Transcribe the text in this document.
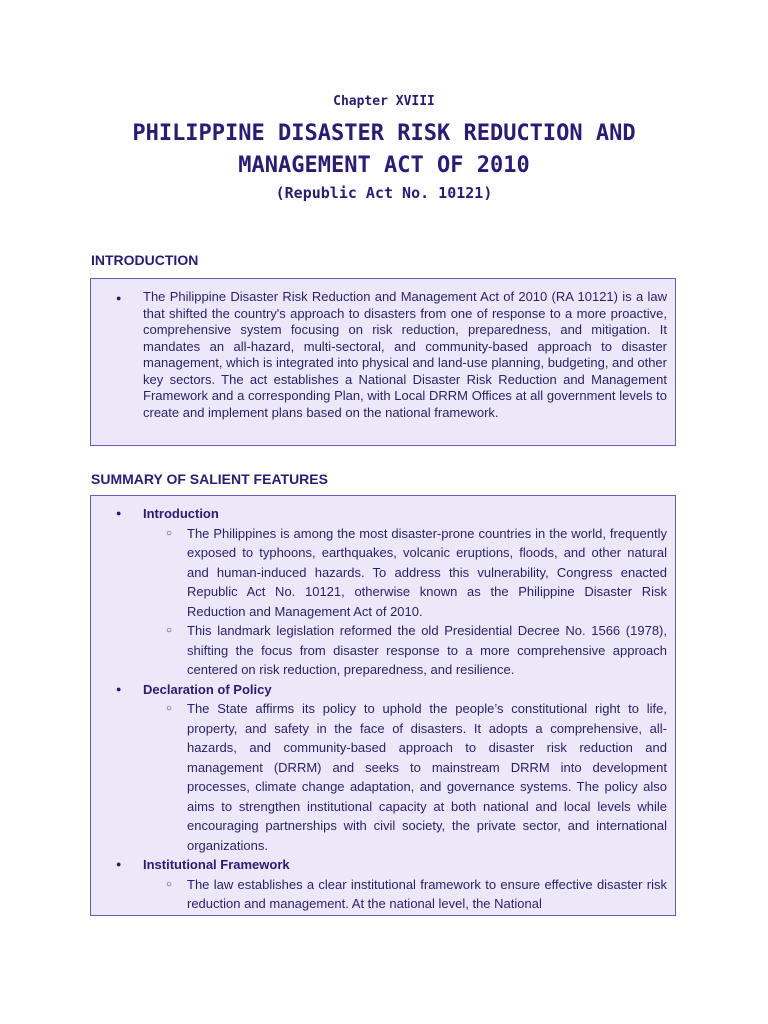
Chapter XVIII
PHILIPPINE DISASTER RISK REDUCTION AND
MANAGEMENT ACT OF 2010
(Republic Act No. 10121)
INTRODUCTION
● The Philippine Disaster Risk Reduction and Management Act of 2010 (RA 10121) is a law that shifted the country's approach to disasters from one of response to a more proactive, comprehensive system focusing on risk reduction, preparedness, and mitigation. It mandates an all-hazard, multi-sectoral, and community-based approach to disaster management, which is integrated into physical and land-use planning, budgeting, and other key sectors. The act establishes a National Disaster Risk Reduction and Management Framework and a corresponding Plan, with Local DRRM Offices at all government levels to create and implement plans based on the national framework.
SUMMARY OF SALIENT FEATURES
● Introduction
○ The Philippines is among the most disaster-prone countries in the world, frequently exposed to typhoons, earthquakes, volcanic eruptions, floods, and other natural and human-induced hazards. To address this vulnerability, Congress enacted Republic Act No. 10121, otherwise known as the Philippine Disaster Risk Reduction and Management Act of 2010.
○ This landmark legislation reformed the old Presidential Decree No. 1566 (1978), shifting the focus from disaster response to a more comprehensive approach centered on risk reduction, preparedness, and resilience.
● Declaration of Policy
○ The State affirms its policy to uphold the people’s constitutional right to life, property, and safety in the face of disasters. It adopts a comprehensive, all-hazards, and community-based approach to disaster risk reduction and management (DRRM) and seeks to mainstream DRRM into development processes, climate change adaptation, and governance systems. The policy also aims to strengthen institutional capacity at both national and local levels while encouraging partnerships with civil society, the private sector, and international organizations.
● Institutional Framework
○ The law establishes a clear institutional framework to ensure effective disaster risk reduction and management. At the national level, the National
